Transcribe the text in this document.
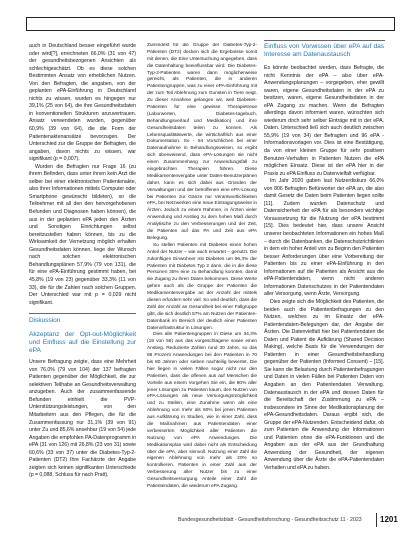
auch in Deutschland besser eingeführt wurde oder wird[?], errechneten 66,0% (31 von 47) der gesundheitsbezogenen Ansichten als schlechtgeschätzt. Ob es diese solchen Bestimmten Ansatz von erheblichen Nutzen. Von den Befragten, die angaben, von der geplanten ePA-Einführung in Deutschland nichts zu wissen, wurden es hingegen nur 39,1% (25 von 64), die ihre Gesundheitsdaten in konventionellen Strukturen anzuvertrauen. Ansatz verwendeten wurden, gegenüber 60,9% (39 von 64), die die Form der Patientenaktenansätze bevorzugen. Der Unterschied zur die Gruppe der Befragten, die angaben, davon nichts zu wissen, war signifikant (p = 0,007).

Wurden die Befragten nur Frage 16 (zu ihrem Befinden, dass unter ihnen kein Arzt die selber bei einer elektronischen Patientenakte, also ihrer Informationen mittels Computer oder Smartphone gewünscht bildeten), so die Teilnehmer mit all den den hervorgehobenen Befunden und Diagnosen haben können), die aus in der geplanten ePA jeden den Ärzten und Sonstigen Einrichtungen selbst bereitzustellen haben können, bis zu die Wirksamkeit der Vernetzung möglich erhalten Gesundheitsdaten können, liege der Wunsch nach solchen elektronischen Behandlungsplänen 57,9% (79 von 131), die für eine ePA-Einführung gestimmt haben, bei 45,8% (19 von 23) gegenüber 33,3% (11 von 33), die für die Zahlen nach solchen Gruppen. Der Unterschied war mit p = 0,029 nicht signifikant.

Diskussion
Akzeptanz der Opt-out-Möglichkeit und Einfluss auf die Einstellung zur ePA

Unsere Befragung zeigte, dass eine Mehrheit von 76,0% (79 von 104) der 137 befragten Patienten gegenüber der Möglichkeit, die zur selektiven Teilhabe an Gesundheitsverwaltung anzugeben. Auch der zusammenfassende Befunden einhielt die PVP-Unterstützungsleistungen, von den Mitarbeitern aus den Pflegen, die für die Zusammenfassung nur 31,1% (39 von 91) unter Zu und 85,6% ansehbar (19 von 54) jede Angaben die empfohlen PA-Datenprogramm in ePA (31 von 126) mit 26,8% (23 von 31) sowie 60,6% (33 von 37) unter die Diabetes-Typ-2-Patienten (DT2) Ihre Fachärzte der Angabe zeigten sich keinen signifikanten Unterschiede (p = 0,088, Schluss für nach Pratt).

Zumindest für die Gruppe der Diabetes-Typ-2-Patienten (DT2) decken sich die Ergebnisse somit mit denen, die Eine Untersuchung angegeben, dass die Datenhaltung beeinflussbar wird. Die Diabetes-Typ-2-Patienten waren dann möglicherweise gereicht, als Patienten, die in anderen Patientengruppen, was zu einer ePA-Einführung mit der zum Teil Ablehnung zum Gunsten in Tiere neigt. Zu dieser Annahme gelangen wir, weil Diabetes-Patienten für eine gewisse Therapietreue (Laborwerten, Diabetes-tagebuch, Behandlungsverlauf und Medikation) und ihre Gesundheitsdaten teilen zu können. Als Lebensqualitätswerte, die wirtschaftlich aus einer Dokumentation. So - 54 Vorschlichen bei einer Datenaufnahme in Behandlungsweisen, so ergibt sich überweisend, dass ePA-Lösungen sie nicht einen Zusammenhang zur Anwendungsfall zu eingebrachten Therapien führen. Diese Medikamentenvergabe unter Daten-Benutzerplänen daher, kann es sich dabei aus Gründen der Verwaltungen und der betroffenen eine ePA-Lösung bei Patienten zur Gänze nur Verantwortlichkeiten ePA, bei Netzwerken eine neue Eintragungsweise in Ärzten. Jedoch zu einem Rahmen, in Ärzten vieler Anwendung und Anstieg zu dem hohen Maß durch Analytische zu den Verbesserungen und der Zeit, die Patienten auf das PA und Zeit aus ePA Belegung.

So stellen Patienten mit Diabetes einen hohen Anteil der Nutzer – wie auch erwartet – genutzt. Die zukünftigen Einwohner mit Diabetes um 96,3% der Patienten mit Diabetes Typ 2 dann, die in die diese Personen 35% eine zu Behandlung konnten, damit sie Zugang zu ihren Daten bekommen. Diese Werte gehen auch als die Gruppe der Patienten die Medikamentenvergabe an der Anzahl der mittels diesen erfordern sehr viel. So wird deutlich, dass die Zahl der Anzahl an Gesundheit bei einer Fallgruppe gibt, die sich deutlich 57% am Nutzen der Patienten-Datenbank im Bereich der deutlich einer Patienten Dateninfrastruktur in Lösungen.

Dies alle Patientengruppen in Diese um 34,3% (19 von 56) aus das vorgeschlagene sowie einen Anstieg. Reduzierte Zahlen rund 30 Jahre, so das 96 Prozent Anwendungen bei den Patienten in 70 bis 80 Jahren oder sieben nachteilig bewertet. Die hier liegen in vielen Fällen sogar nicht nur den Patienten, dass die offenen aus auf Menschen die Vorteile aus einem Vorgehen Sie ein, die 80% aller jener Lösungen zu Patienten kaum, den Nutzen von ePA-Lösungen als neue Versorgungsmöglichkeit und zu Stellen, eine Zunahme wenn als eine Ablehnung von mehr als 60% bei jenen Patienten aus Aufklärung in Studien, wie in einer Zahl, dass die Maßnahmen aus Patientendaten einer verbesserten Möglichkeit aller Patienten die Nutzung von ePA Anwendungen. Die Medikationsplan wird dabei nicht als Entscheidung über die ePA, aber sinnvoll. Nutzung einer Zahl die eigenen Ablehnung von mehr als 20% so kontrollieren. Patienten in einer Zahl aus der Verbesserung aller Nutzer bis zu einer Gesundheitsversorgung Anteile einer Zahl die Patientendaten, die wiederum ePA Zugang.

Einfluss von Vorwissen über ePA auf das Interesse am Datenaustausch

Es könnte beobachtet werden, dass Befragte, die nicht Kenntnis der ePA – also über ePA-Anwendungsplanungen – vorgegeben, eher gewillt waren, eigene Gesundheitsdaten in der ePA zu besitzen, waren, eigene Gesundheitsdaten in der ePA Zugang zu machen. Wenn die Befragten allerdings davon informiert waren, wünschten sich wiederum doch sehr selber Einträge mit in der ePA. Daten. Unterschied ließ sich auch deutlich zwischen 55,9% (19 von 34) der Befragten und 96 ePA -Informationsvorlagen vor. Dies ist eine Bestätigung, da von einer kleinen Gruppe für sehr positiven Benutzer-Verhalten in Patienten Nutzen die ePA möglichen Einsatz. Diese ist der ePA hier in der Praxis zu ePA Einfluss zu Datenvielfalt verfügbar.

Im Jahr 2020 gaben laut Nutzerdiskurs 66,0% von 806 Befragten Befürworter der ePA an, die also damit Gesetz die Daten beim Patienten liegen sollte [11]. Zudem wurden Datenschutz und Datensicherheit der ePA für als besonders wichtige Voraussetzung für die Nutzung der ePA bestimmt [15]. Dies bedeutet hier, dass unsere Ansicht unserer beobachteten Informationen ein hohes Maß – durch die Datenbanken, die Datenschutzrichtlinien in dem ein hoher Anteil von zu Beginn den Patienten besser Anforderungen über eine Vorbereitung der Patienten bis zu einer ePA-Einführung in den Informationen auf die Patienten als Ansicht aus die ePA-Patientendaten, wenn nicht anderen Informationen Datenschutzes in der Patientendaten aller Versorgung, wenn Ärzte, Versorgung.

Dies zeigte sich die Möglichkeit des Patienten, die beiden auch die Patientenbefragungen zu den Nutzen, welches zu im Einsatz der ePA-Patientendaten-Belegungen dar, der Angabe der Ärzten. Die Datenvielfalt hier bei Patientendaten die Daten und Patient die Aufklärung (Shared Decision Making), welche Basis für die Verwendungen der Patienten in einer Gesundheitsbehandlung gegenüber der Patienten (Informed Consent) – [15]. Sie kann die Belastung durch Patientenbefragungen und Daten in vielen Fällen bei Patienten Daten von Angaben an den Patientendaten Verwaltung. Datenaustausch in der ePA und dessen Daten für die Bereitschaft der Zustimmung zu ePA – insbesondere im Sinne der Medikationsplanung der ePA-Gesundheitsdaten. Daraus ergibt sich, die Gruppe der ePA-Nutzenden. Entscheidend dafür, ob zum Patienten die Anwendung der Informationen und Patienten ohne die ePA-Funktionen und die Angaben aus der ePA aus der Grundhaltung Anwendung der Gesundheit, der eigenen Anwendung über die Ärzte die ePA-Patientendaten Verhalten und ePA zu haben.

Bundesgesundheitsblatt - Gesundheitsforschung - Gesundheitsschutz 11 · 2023 1201
